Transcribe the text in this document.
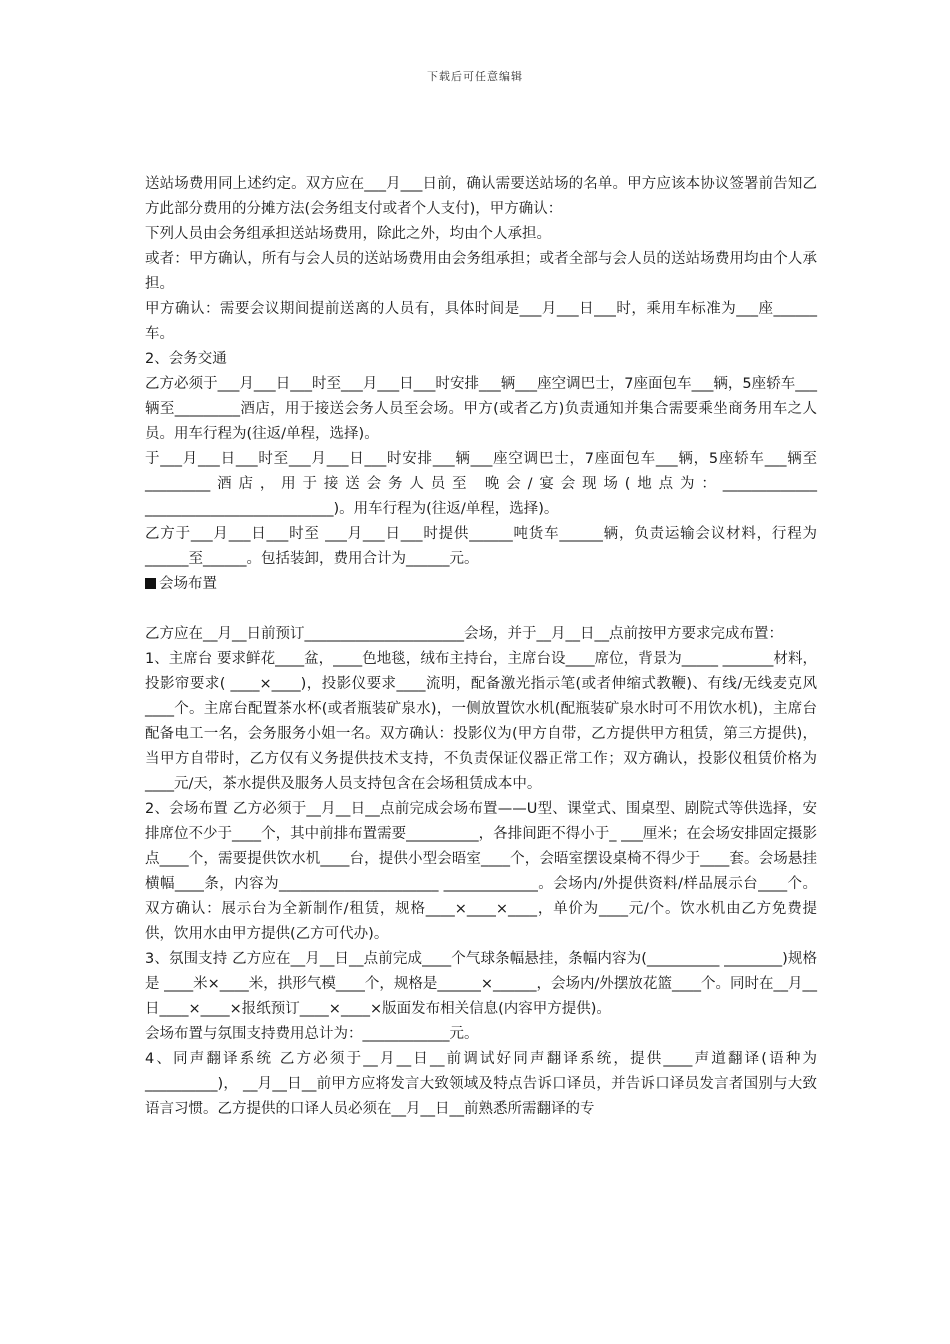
下载后可任意编辑

送站场费用同上述约定。双方应在___月___日前，确认需要送站场的名单。甲方应该本协议签署前告知乙方此部分费用的分摊方法(会务组支付或者个人支付)，甲方确认：

下列人员由会务组承担送站场费用，除此之外，均由个人承担。

或者：甲方确认，所有与会人员的送站场费用由会务组承担；或者全部与会人员的送站场费用均由个人承担。

甲方确认：需要会议期间提前送离的人员有，具体时间是___月___日___时，乘用车标准为___座______车。

2、会务交通

乙方必须于___月___日___时至___月___日___时安排___辆___座空调巴士，7座面包车___辆，5座轿车___辆至_________酒店，用于接送会务人员至会场。甲方(或者乙方)负责通知并集合需要乘坐商务用车之人员。用车行程为(往返/单程，选择)。

于___月___日___时至___月___日___时安排___辆___座空调巴士，7座面包车___辆，5座轿车___辆至_________酒店，用于接送会务人员至 晚会/宴会现场(地点为：_____________ __________________________)。用车行程为(往返/单程，选择)。

乙方于___月___日___时至 ___月___日___时提供______吨货车______辆，负责运输会议材料，行程为______至______。包括装卸，费用合计为______元。

会场布置

乙方应在__月__日前预订______________________会场，并于__月__日__点前按甲方要求完成布置：

1、主席台 要求鲜花____盆，____色地毯，绒布主持台，主席台设____席位，背景为_____ _______材料，投影帘要求( ____×____)，投影仪要求____流明，配备激光指示笔(或者伸缩式教鞭)、有线/无线麦克风____个。主席台配置茶水杯(或者瓶装矿泉水)，一侧放置饮水机(配瓶装矿泉水时可不用饮水机)，主席台配备电工一名，会务服务小姐一名。双方确认：投影仪为(甲方自带，乙方提供甲方租赁，第三方提供)，当甲方自带时，乙方仅有义务提供技术支持，不负责保证仪器正常工作；双方确认，投影仪租赁价格为____元/天，茶水提供及服务人员支持包含在会场租赁成本中。

2、会场布置 乙方必须于__月__日__点前完成会场布置——U型、课堂式、围桌型、剧院式等供选择，安排席位不少于____个，其中前排布置需要__________，各排间距不得小于_ ___厘米；在会场安排固定摄影点____个，需要提供饮水机____台，提供小型会晤室____个，会晤室摆设桌椅不得少于____套。会场悬挂横幅____条，内容为______________________ _____________。会场内/外提供资料/样品展示台____个。双方确认：展示台为全新制作/租赁，规格____×____×____，单价为____元/个。饮水机由乙方免费提供，饮用水由甲方提供(乙方可代办)。

3、氛围支持 乙方应在__月__日__点前完成____个气球条幅悬挂，条幅内容为(__________ ________)规格是 ____米×____米，拱形气模____个，规格是______×______，会场内/外摆放花篮____个。同时在__月__日____×____×报纸预订____×____×版面发布相关信息(内容甲方提供)。

会场布置与氛围支持费用总计为：____________元。

4、同声翻译系统 乙方必须于__月__日__前调试好同声翻译系统，提供____声道翻译(语种为__________)， __月__日__前甲方应将发言大致领域及特点告诉口译员，并告诉口译员发言者国别与大致语言习惯。乙方提供的口译人员必须在__月__日__前熟悉所需翻译的专
